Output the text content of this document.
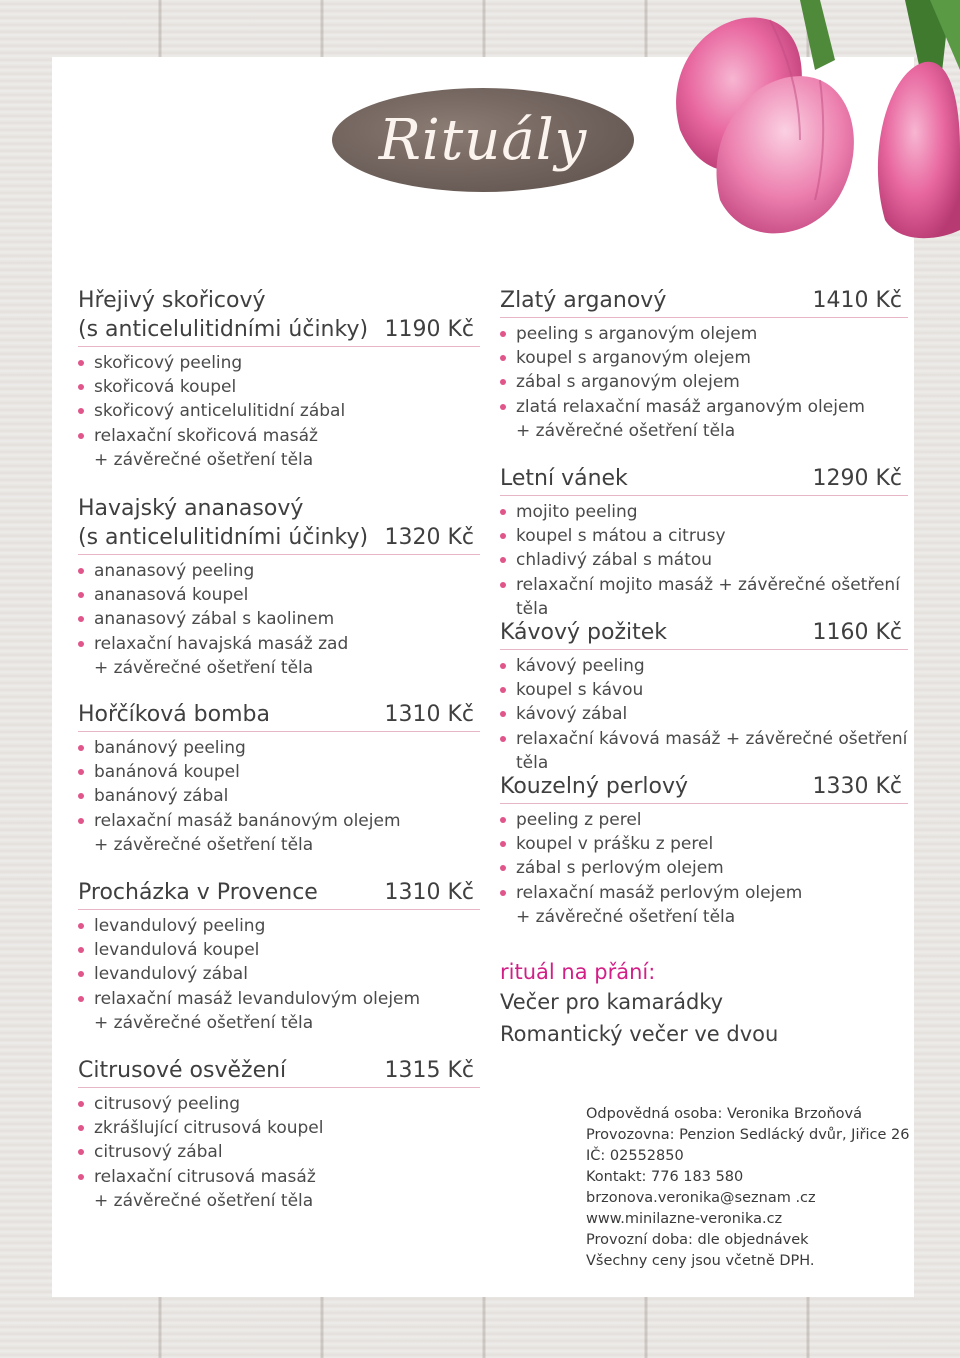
Rituály
Hřejivý skořicový
(s anticelulitidními účinky) 1190 Kč
skořicový peeling
skořicová koupel
skořicový anticelulitidní zábal
relaxační skořicová masáž
+ závěrečné ošetření těla
Havajský ananasový
(s anticelulitidními účinky) 1320 Kč
ananasový peeling
ananasová koupel
ananasový zábal s kaolinem
relaxační havajská masáž zad
+ závěrečné ošetření těla
Hořčíková bomba	1310 Kč
banánový peeling
banánová koupel
banánový zábal
relaxační masáž banánovým olejem
+ závěrečné ošetření těla
Procházka v Provence	1310 Kč
levandulový peeling
levandulová koupel
levandulový zábal
relaxační masáž levandulovým olejem
+ závěrečné ošetření těla
Citrusové osvěžení	1315 Kč
citrusový peeling
zkrášlující citrusová koupel
citrusový zábal
relaxační citrusová masáž
+ závěrečné ošetření těla
Zlatý arganový	1410 Kč
peeling s arganovým olejem
koupel s arganovým olejem
zábal s arganovým olejem
zlatá relaxační masáž arganovým olejem
+ závěrečné ošetření těla
Letní vánek	1290 Kč
mojito peeling
koupel s mátou a citrusy
chladivý zábal s mátou
relaxační mojito masáž + závěrečné ošetření těla
Kávový požitek	1160 Kč
kávový peeling
koupel s kávou
kávový zábal
relaxační kávová masáž + závěrečné ošetření těla
Kouzelný perlový	1330 Kč
peeling z perel
koupel v prášku z perel
zábal s perlovým olejem
relaxační masáž perlovým olejem
+ závěrečné ošetření těla
rituál na přání:
Večer pro kamarádky
Romantický večer ve dvou
Odpovědná osoba: Veronika Brzoňová
Provozovna: Penzion Sedlácký dvůr, Jiřice 26
IČ: 02552850
Kontakt: 776 183 580
brzonova.veronika@seznam .cz
www.minilazne-veronika.cz
Provozní doba: dle objednávek
Všechny ceny jsou včetně DPH.
